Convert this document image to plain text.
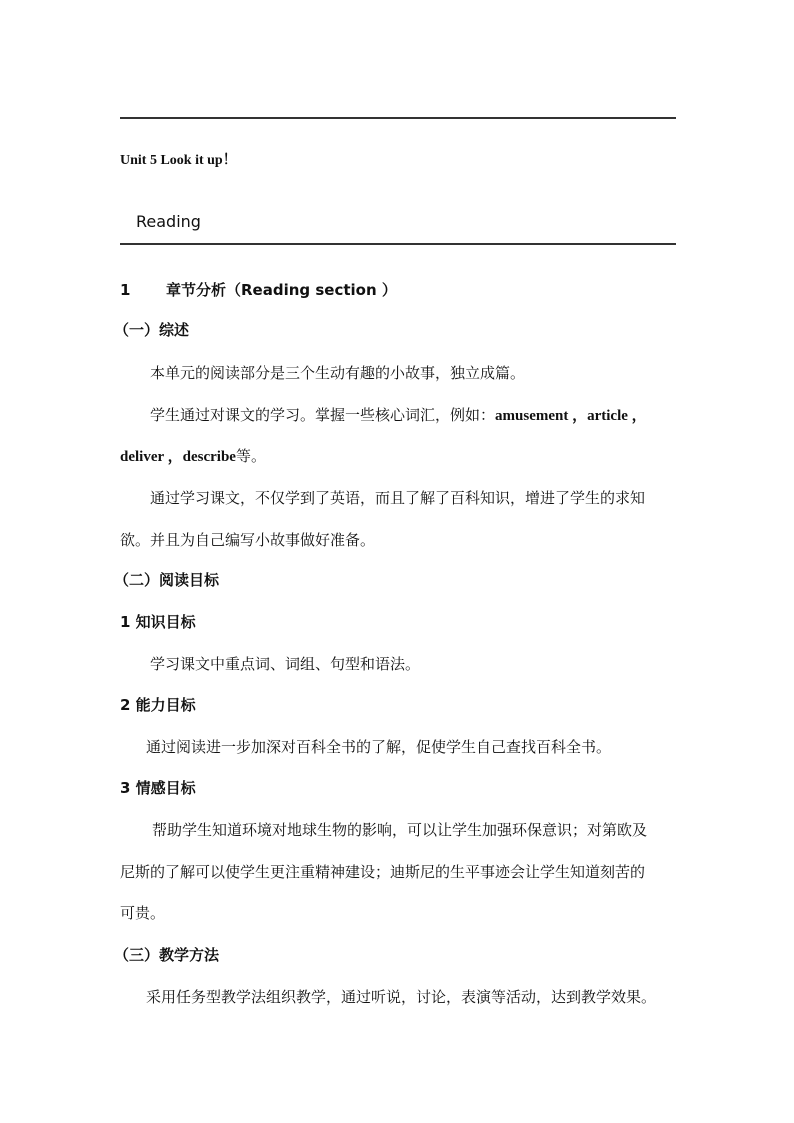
Unit 5 Look it up！
Reading
1 章节分析（Reading section ）
（一）综述
本单元的阅读部分是三个生动有趣的小故事，独立成篇。
学生通过对课文的学习。掌握一些核心词汇，例如：amusement ，article ，
deliver ，describe等。
通过学习课文，不仅学到了英语，而且了解了百科知识，增进了学生的求知
欲。并且为自己编写小故事做好准备。
（二）阅读目标
1 知识目标
学习课文中重点词、词组、句型和语法。
2 能力目标
通过阅读进一步加深对百科全书的了解，促使学生自己查找百科全书。
3 情感目标
帮助学生知道环境对地球生物的影响，可以让学生加强环保意识；对第欧及
尼斯的了解可以使学生更注重精神建设；迪斯尼的生平事迹会让学生知道刻苦的
可贵。
（三）教学方法
采用任务型教学法组织教学，通过听说，讨论，表演等活动，达到教学效果。
